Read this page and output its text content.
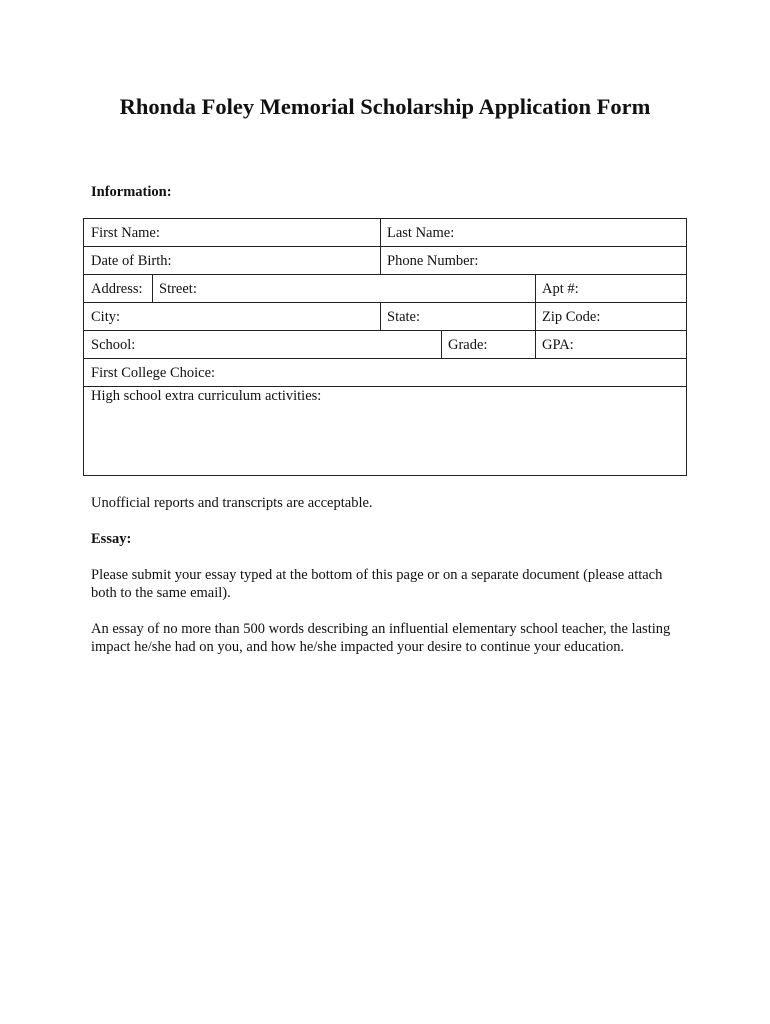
Rhonda Foley Memorial Scholarship Application Form

Information:

First Name:	Last Name:
Date of Birth:	Phone Number:
Address:	Street:	Apt #:
City:	State:	Zip Code:
School:	Grade:	GPA:
First College Choice:
High school extra curriculum activities:

Unofficial reports and transcripts are acceptable.

Essay:

Please submit your essay typed at the bottom of this page or on a separate document (please attach both to the same email).

An essay of no more than 500 words describing an influential elementary school teacher, the lasting impact he/she had on you, and how he/she impacted your desire to continue your education.
